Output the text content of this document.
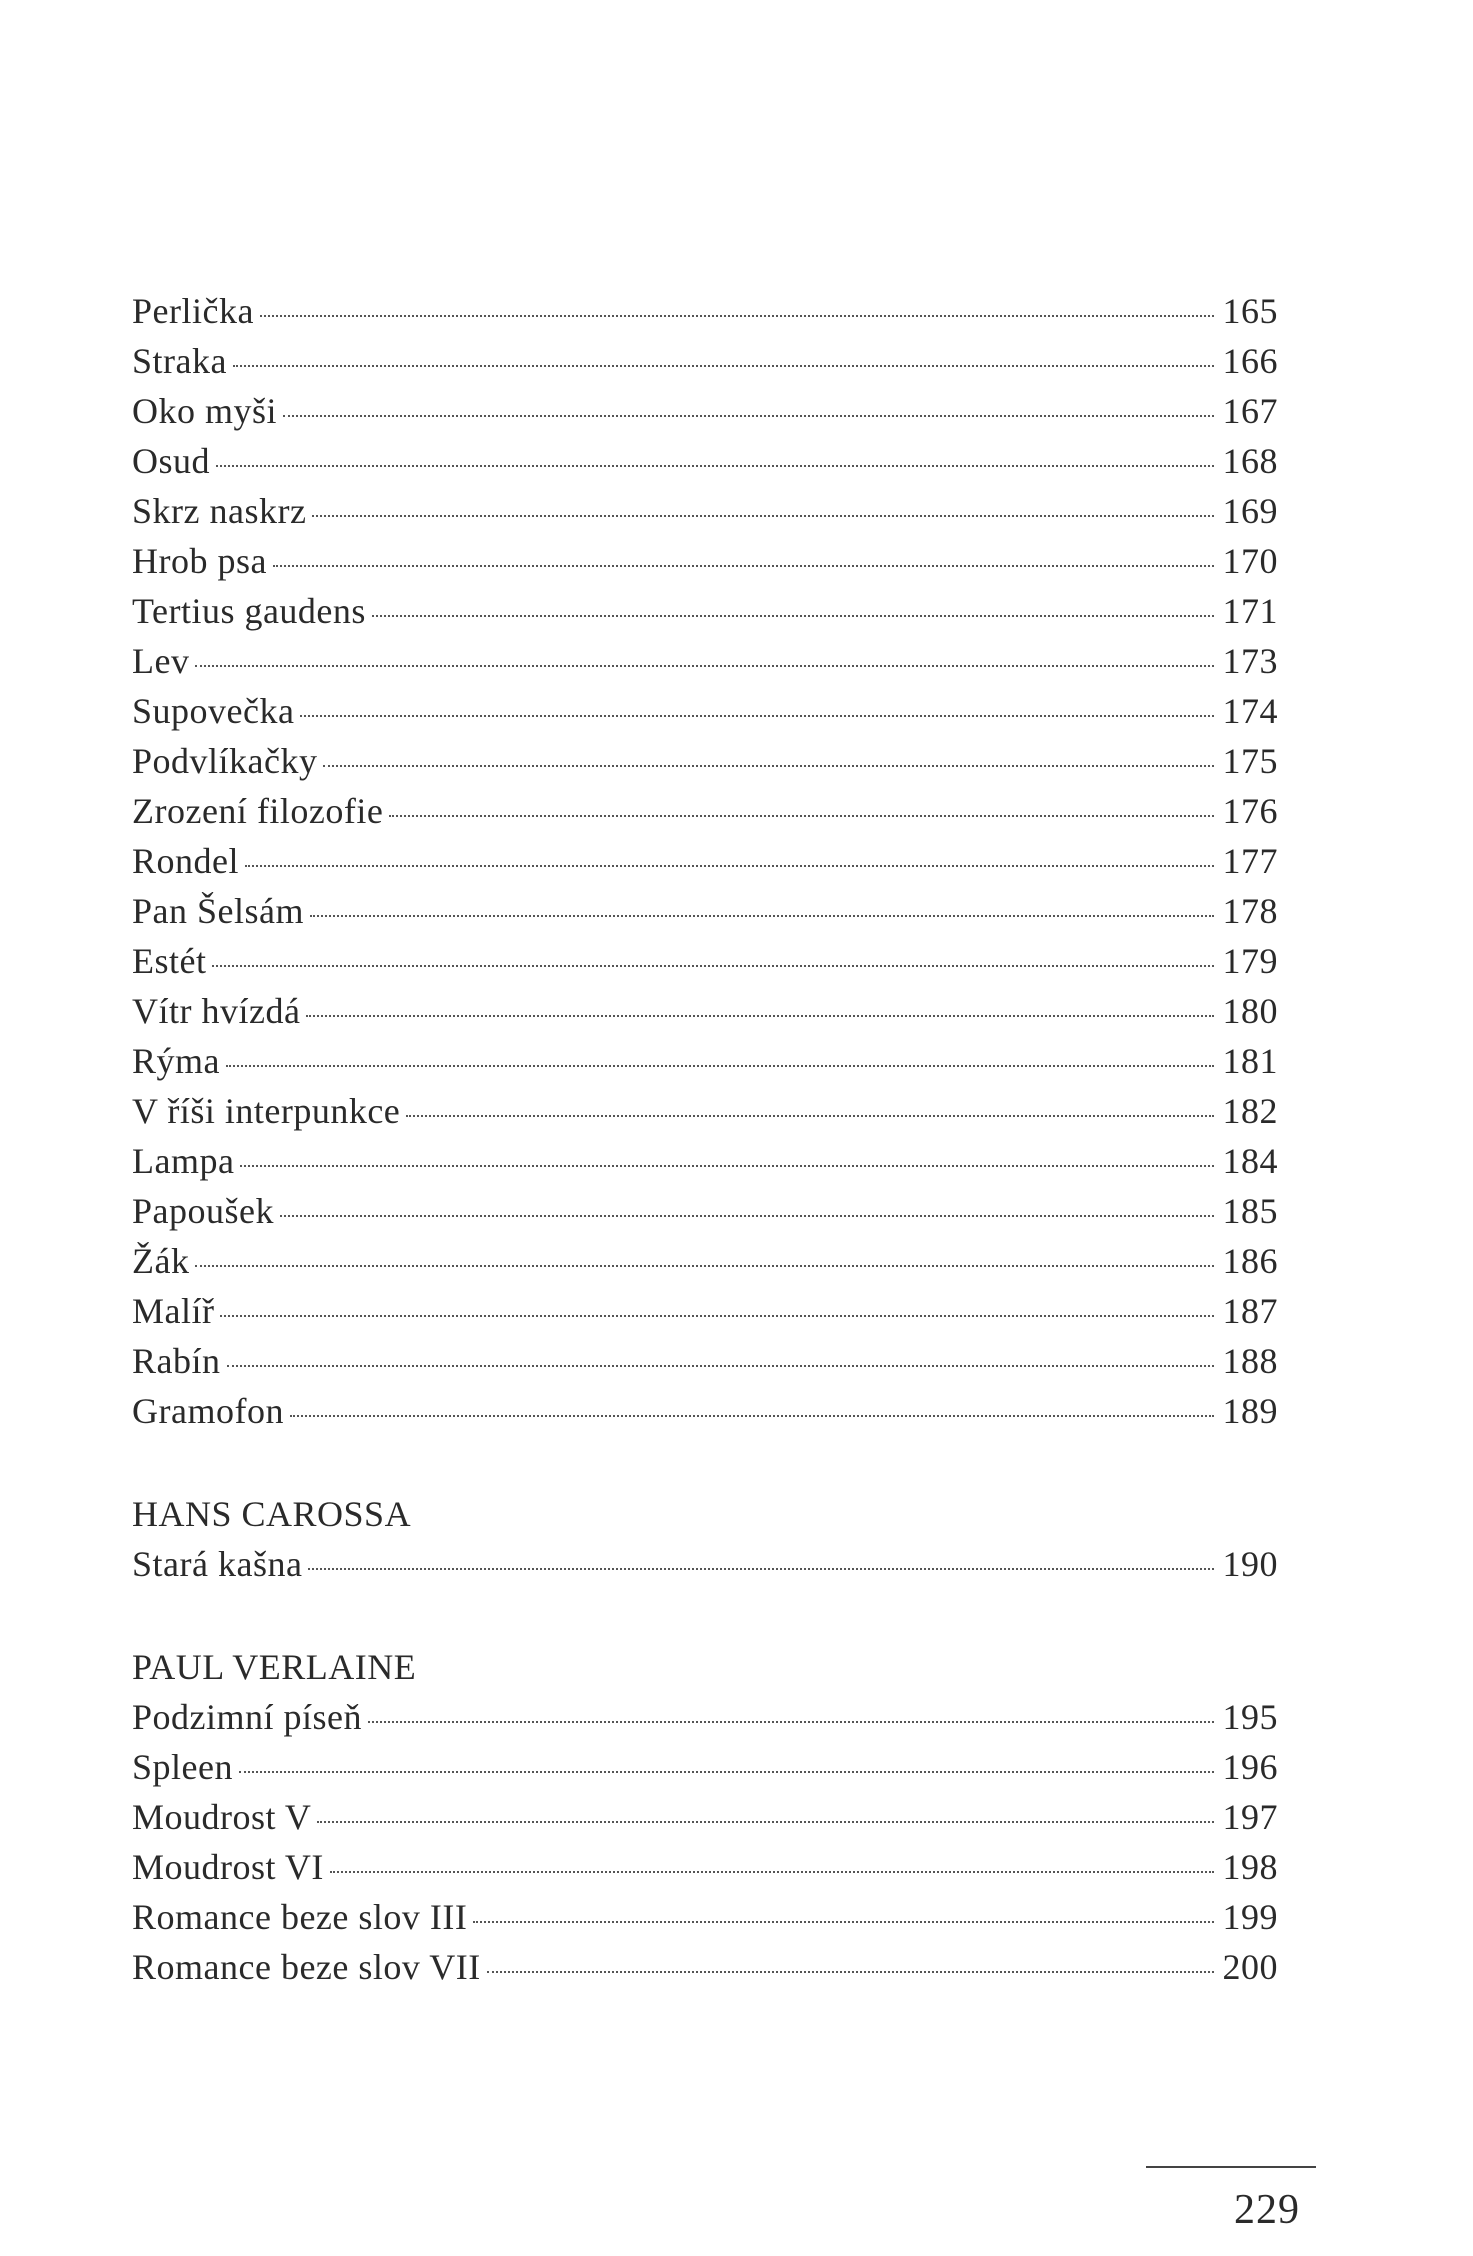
Perlička	165
Straka	166
Oko myši	167
Osud	168
Skrz naskrz	169
Hrob psa	170
Tertius gaudens	171
Lev	173
Supovečka	174
Podvlíkačky	175
Zrození filozofie	176
Rondel	177
Pan Šelsám	178
Estét	179
Vítr hvízdá	180
Rýma	181
V říši interpunkce	182
Lampa	184
Papoušek	185
Žák	186
Malíř	187
Rabín	188
Gramofon	189
HANS CAROSSA
Stará kašna	190
PAUL VERLAINE
Podzimní píseň	195
Spleen	196
Moudrost V	197
Moudrost VI	198
Romance beze slov III	199
Romance beze slov VII	200
229
